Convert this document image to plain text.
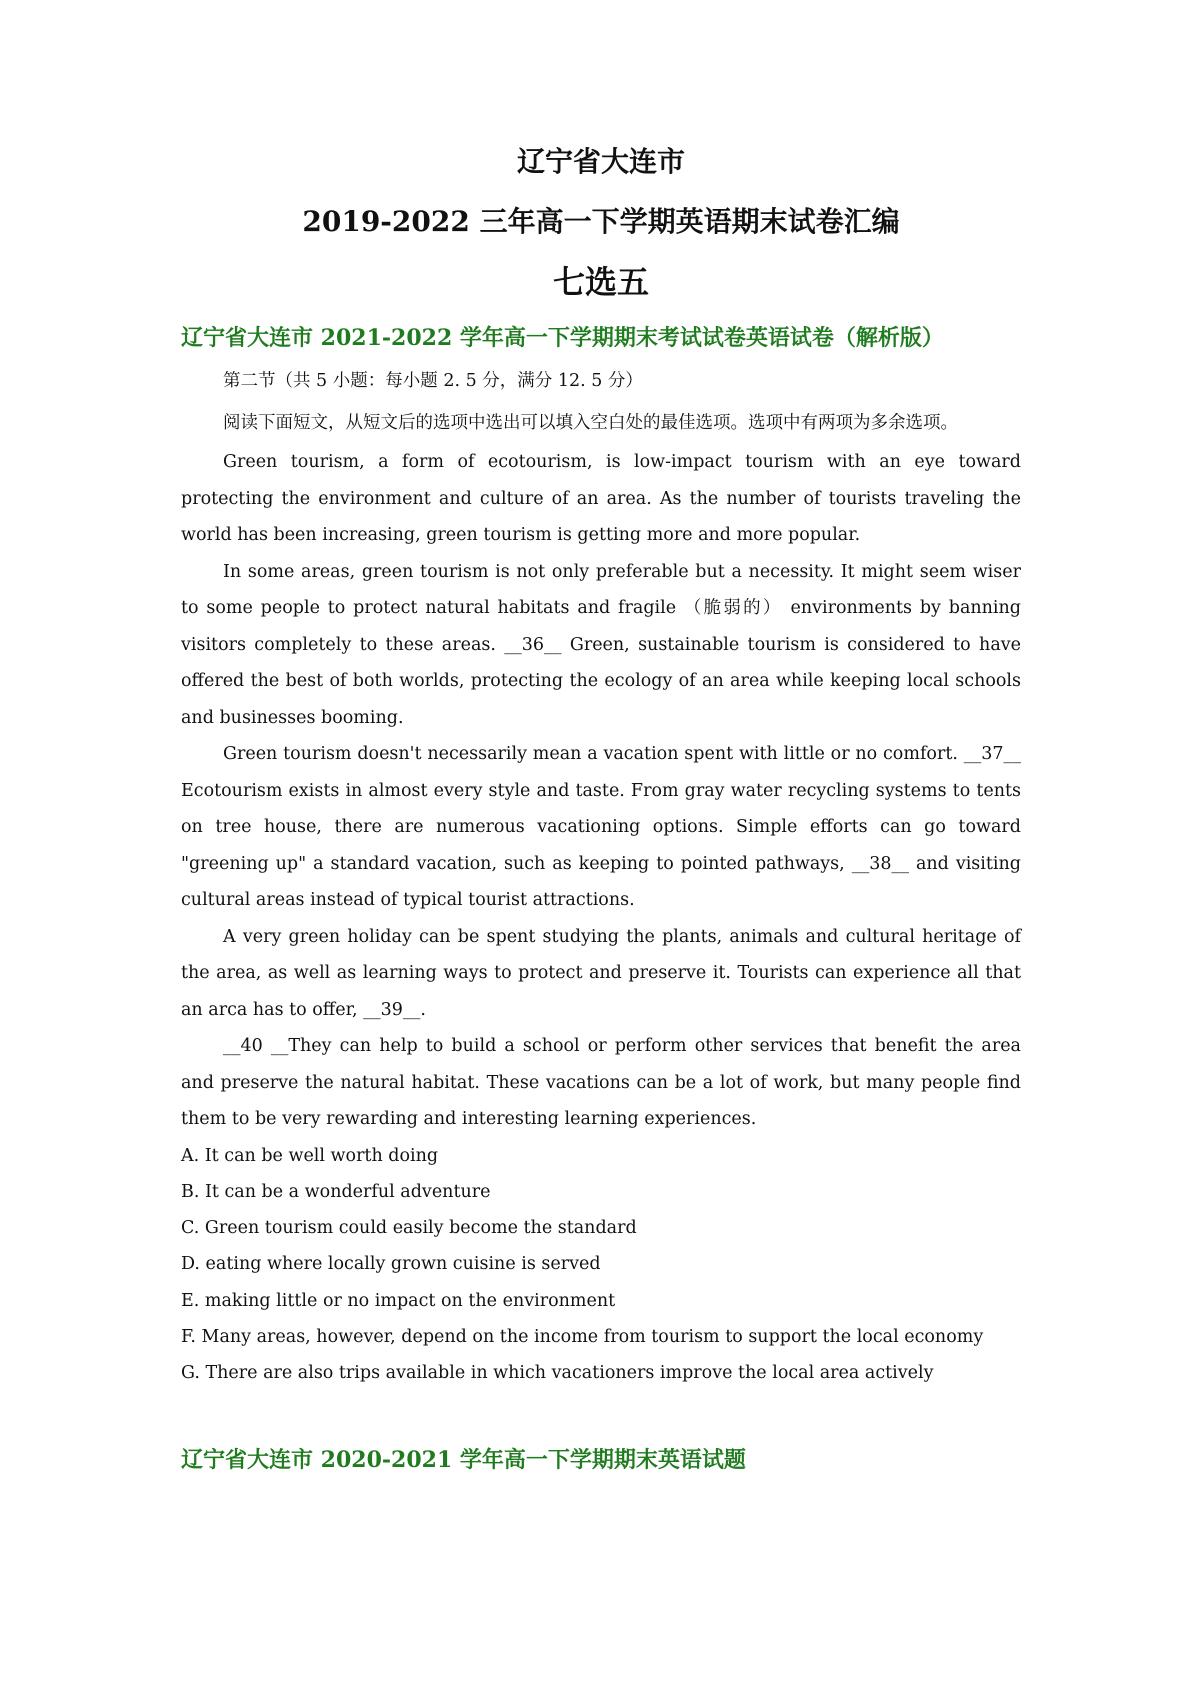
辽宁省大连市
2019-2022 三年高一下学期英语期末试卷汇编
七选五
辽宁省大连市 2021-2022 学年高一下学期期末考试试卷英语试卷（解析版）

第二节（共 5 小题：每小题 2. 5 分，满分 12. 5 分）

阅读下面短文，从短文后的选项中选出可以填入空白处的最佳选项。选项中有两项为多余选项。

Green tourism, a form of ecotourism, is low-impact tourism with an eye toward protecting the environment and culture of an area. As the number of tourists traveling the world has been increasing, green tourism is getting more and more popular.

In some areas, green tourism is not only preferable but a necessity. It might seem wiser to some people to protect natural habitats and fragile （脆弱的） environments by banning visitors completely to these areas. __36__ Green, sustainable tourism is considered to have offered the best of both worlds, protecting the ecology of an area while keeping local schools and businesses booming.

Green tourism doesn't necessarily mean a vacation spent with little or no comfort. __37__ Ecotourism exists in almost every style and taste. From gray water recycling systems to tents on tree house, there are numerous vacationing options. Simple efforts can go toward "greening up" a standard vacation, such as keeping to pointed pathways, __38__ and visiting cultural areas instead of typical tourist attractions.

A very green holiday can be spent studying the plants, animals and cultural heritage of the area, as well as learning ways to protect and preserve it. Tourists can experience all that an arca has to offer, __39__.

__40 __They can help to build a school or perform other services that benefit the area and preserve the natural habitat. These vacations can be a lot of work, but many people find them to be very rewarding and interesting learning experiences.

A. It can be well worth doing
B. It can be a wonderful adventure
C. Green tourism could easily become the standard
D. eating where locally grown cuisine is served
E. making little or no impact on the environment
F. Many areas, however, depend on the income from tourism to support the local economy
G. There are also trips available in which vacationers improve the local area actively
辽宁省大连市 2020-2021 学年高一下学期期末英语试题
